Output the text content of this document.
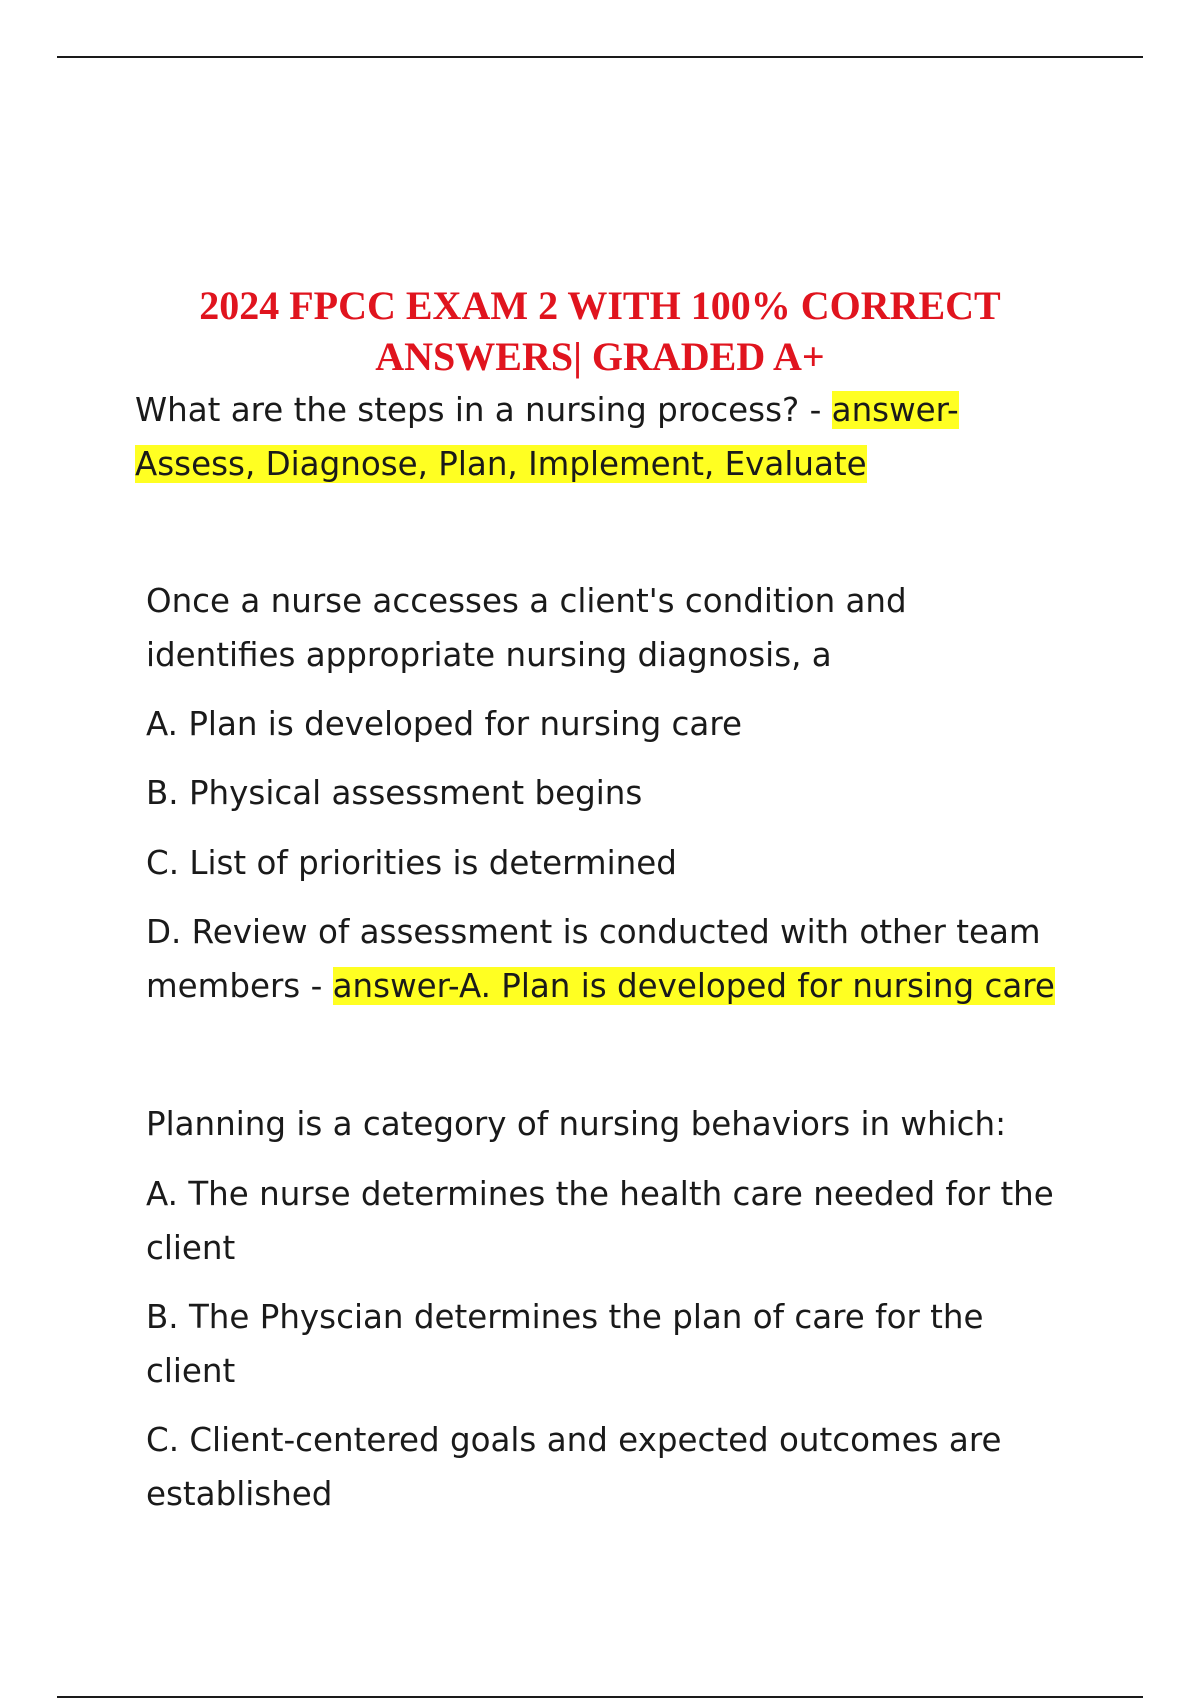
2024 FPCC EXAM 2 WITH 100% CORRECT
ANSWERS| GRADED A+

What are the steps in a nursing process? - answer-

Assess, Diagnose, Plan, Implement, Evaluate

Once a nurse accesses a client's condition and

identifies appropriate nursing diagnosis, a

A. Plan is developed for nursing care

B. Physical assessment begins

C. List of priorities is determined

D. Review of assessment is conducted with other team

members - answer-A. Plan is developed for nursing care

Planning is a category of nursing behaviors in which:

A. The nurse determines the health care needed for the

client

B. The Physcian determines the plan of care for the

client

C. Client-centered goals and expected outcomes are

established
